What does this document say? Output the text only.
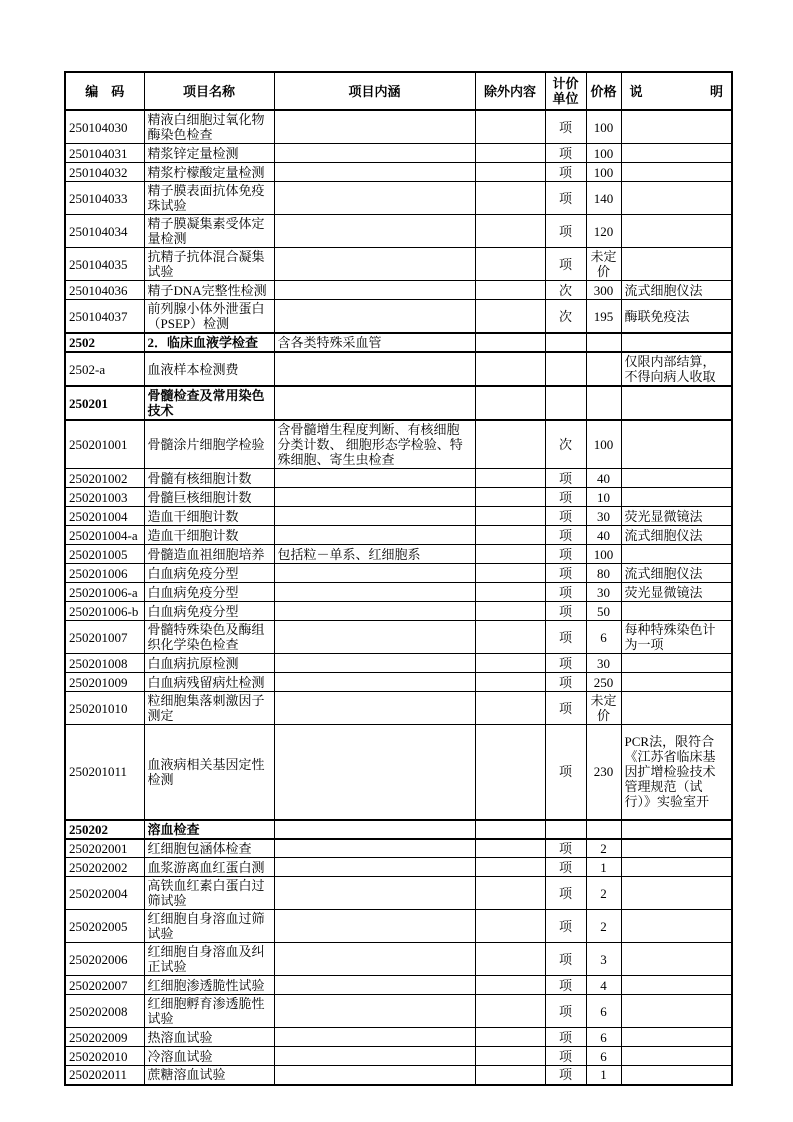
编　码	项目名称	项目内涵	除外内容	计价单位	价格	说明
250104030	精液白细胞过氧化物酶染色检查			项	100	
250104031	精浆锌定量检测			项	100	
250104032	精浆柠檬酸定量检测			项	100	
250104033	精子膜表面抗体免疫珠试验			项	140	
250104034	精子膜凝集素受体定量检测			项	120	
250104035	抗精子抗体混合凝集试验			项	未定价	
250104036	精子DNA完整性检测			次	300	流式细胞仪法
250104037	前列腺小体外泄蛋白（PSEP）检测			次	195	酶联免疫法
2502	2．临床血液学检查	含各类特殊采血管				
2502-a	血液样本检测费					仅限内部结算，不得向病人收取
250201	骨髓检查及常用染色技术					
250201001	骨髓涂片细胞学检验	含骨髓增生程度判断、有核细胞分类计数、 细胞形态学检验、特殊细胞、寄生虫检查		次	100	
250201002	骨髓有核细胞计数			项	40	
250201003	骨髓巨核细胞计数			项	10	
250201004	造血干细胞计数			项	30	荧光显微镜法
250201004-a	造血干细胞计数			项	40	流式细胞仪法
250201005	骨髓造血祖细胞培养	包括粒－单系、红细胞系		项	100	
250201006	白血病免疫分型			项	80	流式细胞仪法
250201006-a	白血病免疫分型			项	30	荧光显微镜法
250201006-b	白血病免疫分型			项	50	
250201007	骨髓特殊染色及酶组织化学染色检查			项	6	每种特殊染色计为一项
250201008	白血病抗原检测			项	30	
250201009	白血病残留病灶检测			项	250	
250201010	粒细胞集落刺激因子测定			项	未定价	
250201011	血液病相关基因定性检测			项	230	PCR法，限符合《江苏省临床基因扩增检验技术管理规范（试行）》实验室开
250202	溶血检查					
250202001	红细胞包涵体检查			项	2	
250202002	血浆游离血红蛋白测			项	1	
250202004	高铁血红素白蛋白过筛试验			项	2	
250202005	红细胞自身溶血过筛试验			项	2	
250202006	红细胞自身溶血及纠正试验			项	3	
250202007	红细胞渗透脆性试验			项	4	
250202008	红细胞孵育渗透脆性试验			项	6	
250202009	热溶血试验			项	6	
250202010	冷溶血试验			项	6	
250202011	蔗糖溶血试验			项	1	
